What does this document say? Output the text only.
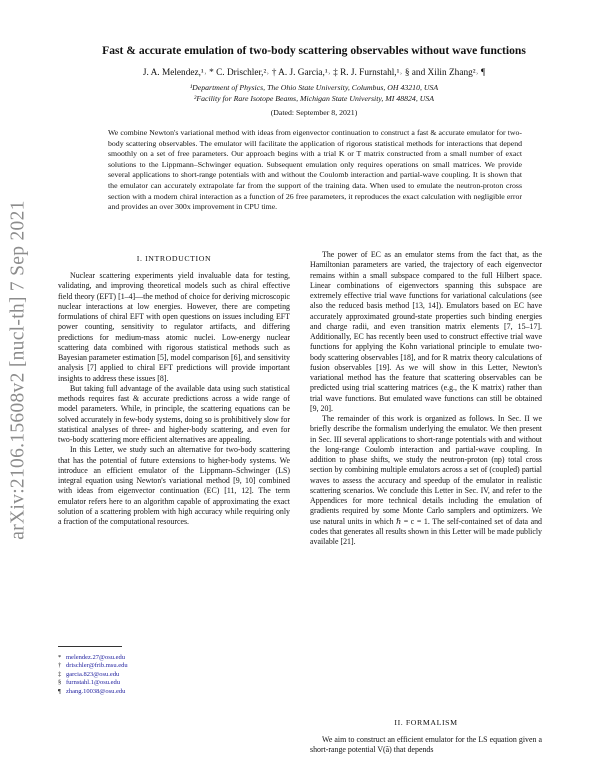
arXiv:2106.15608v2 [nucl-th] 7 Sep 2021
Fast & accurate emulation of two-body scattering observables without wave functions
J. A. Melendez,¹˒ * C. Drischler,²˒ † A. J. Garcia,¹˒ ‡ R. J. Furnstahl,¹˒ § and Xilin Zhang²˒ ¶
¹Department of Physics, The Ohio State University, Columbus, OH 43210, USA
²Facility for Rare Isotope Beams, Michigan State University, MI 48824, USA
(Dated: September 8, 2021)
We combine Newton's variational method with ideas from eigenvector continuation to construct a fast & accurate emulator for two-body scattering observables. The emulator will facilitate the application of rigorous statistical methods for interactions that depend smoothly on a set of free parameters. Our approach begins with a trial K or T matrix constructed from a small number of exact solutions to the Lippmann–Schwinger equation. Subsequent emulation only requires operations on small matrices. We provide several applications to short-range potentials with and without the Coulomb interaction and partial-wave coupling. It is shown that the emulator can accurately extrapolate far from the support of the training data. When used to emulate the neutron-proton cross section with a modern chiral interaction as a function of 26 free parameters, it reproduces the exact calculation with negligible error and provides an over 300x improvement in CPU time.
I. INTRODUCTION

Nuclear scattering experiments yield invaluable data for testing, validating, and improving theoretical models such as chiral effective field theory (EFT) [1–4]—the method of choice for deriving microscopic nuclear interactions at low energies. However, there are competing formulations of chiral EFT with open questions on issues including EFT power counting, sensitivity to regulator artifacts, and differing predictions for medium-mass atomic nuclei. Low-energy nuclear scattering data combined with rigorous statistical methods such as Bayesian parameter estimation [5], model comparison [6], and sensitivity analysis [7] applied to chiral EFT predictions will provide important insights to address these issues [8].

But taking full advantage of the available data using such statistical methods requires fast & accurate predictions across a wide range of model parameters. While, in principle, the scattering equations can be solved accurately in few-body systems, doing so is prohibitively slow for statistical analyses of three- and higher-body scattering, and even for two-body scattering more efficient alternatives are appealing.

In this Letter, we study such an alternative for two-body scattering that has the potential of future extensions to higher-body systems. We introduce an efficient emulator of the Lippmann–Schwinger (LS) integral equation using Newton's variational method [9, 10] combined with ideas from eigenvector continuation (EC) [11, 12]. The term emulator refers here to an algorithm capable of approximating the exact solution of a scattering problem with high accuracy while requiring only a fraction of the computational resources.

* melendez.27@osu.edu
† drischler@frib.msu.edu
‡ garcia.823@osu.edu
§ furnstahl.1@osu.edu
¶ zhang.10038@osu.edu

The power of EC as an emulator stems from the fact that, as the Hamiltonian parameters are varied, the trajectory of each eigenvector remains within a small subspace compared to the full Hilbert space. Linear combinations of eigenvectors spanning this subspace are extremely effective trial wave functions for variational calculations (see also the reduced basis method [13, 14]). Emulators based on EC have accurately approximated ground-state properties such binding energies and charge radii, and even transition matrix elements [7, 15–17]. Additionally, EC has recently been used to construct effective trial wave functions for applying the Kohn variational principle to emulate two-body scattering observables [18], and for R matrix theory calculations of fusion observables [19]. As we will show in this Letter, Newton's variational method has the feature that scattering observables can be predicted using trial scattering matrices (e.g., the K matrix) rather than trial wave functions. But emulated wave functions can still be obtained [9, 20].

The remainder of this work is organized as follows. In Sec. II we briefly describe the formalism underlying the emulator. We then present in Sec. III several applications to short-range potentials with and without the long-range Coulomb interaction and partial-wave coupling. In addition to phase shifts, we study the neutron-proton (np) total cross section by combining multiple emulators across a set of (coupled) partial waves to assess the accuracy and speedup of the emulator in realistic scattering scenarios. We conclude this Letter in Sec. IV, and refer to the Appendices for more technical details including the emulation of gradients required by some Monte Carlo samplers and optimizers. We use natural units in which ℏ = c = 1. The self-contained set of data and codes that generates all results shown in this Letter will be made publicly available [21].

II. FORMALISM

We aim to construct an efficient emulator for the LS equation given a short-range potential V(ã) that depends
